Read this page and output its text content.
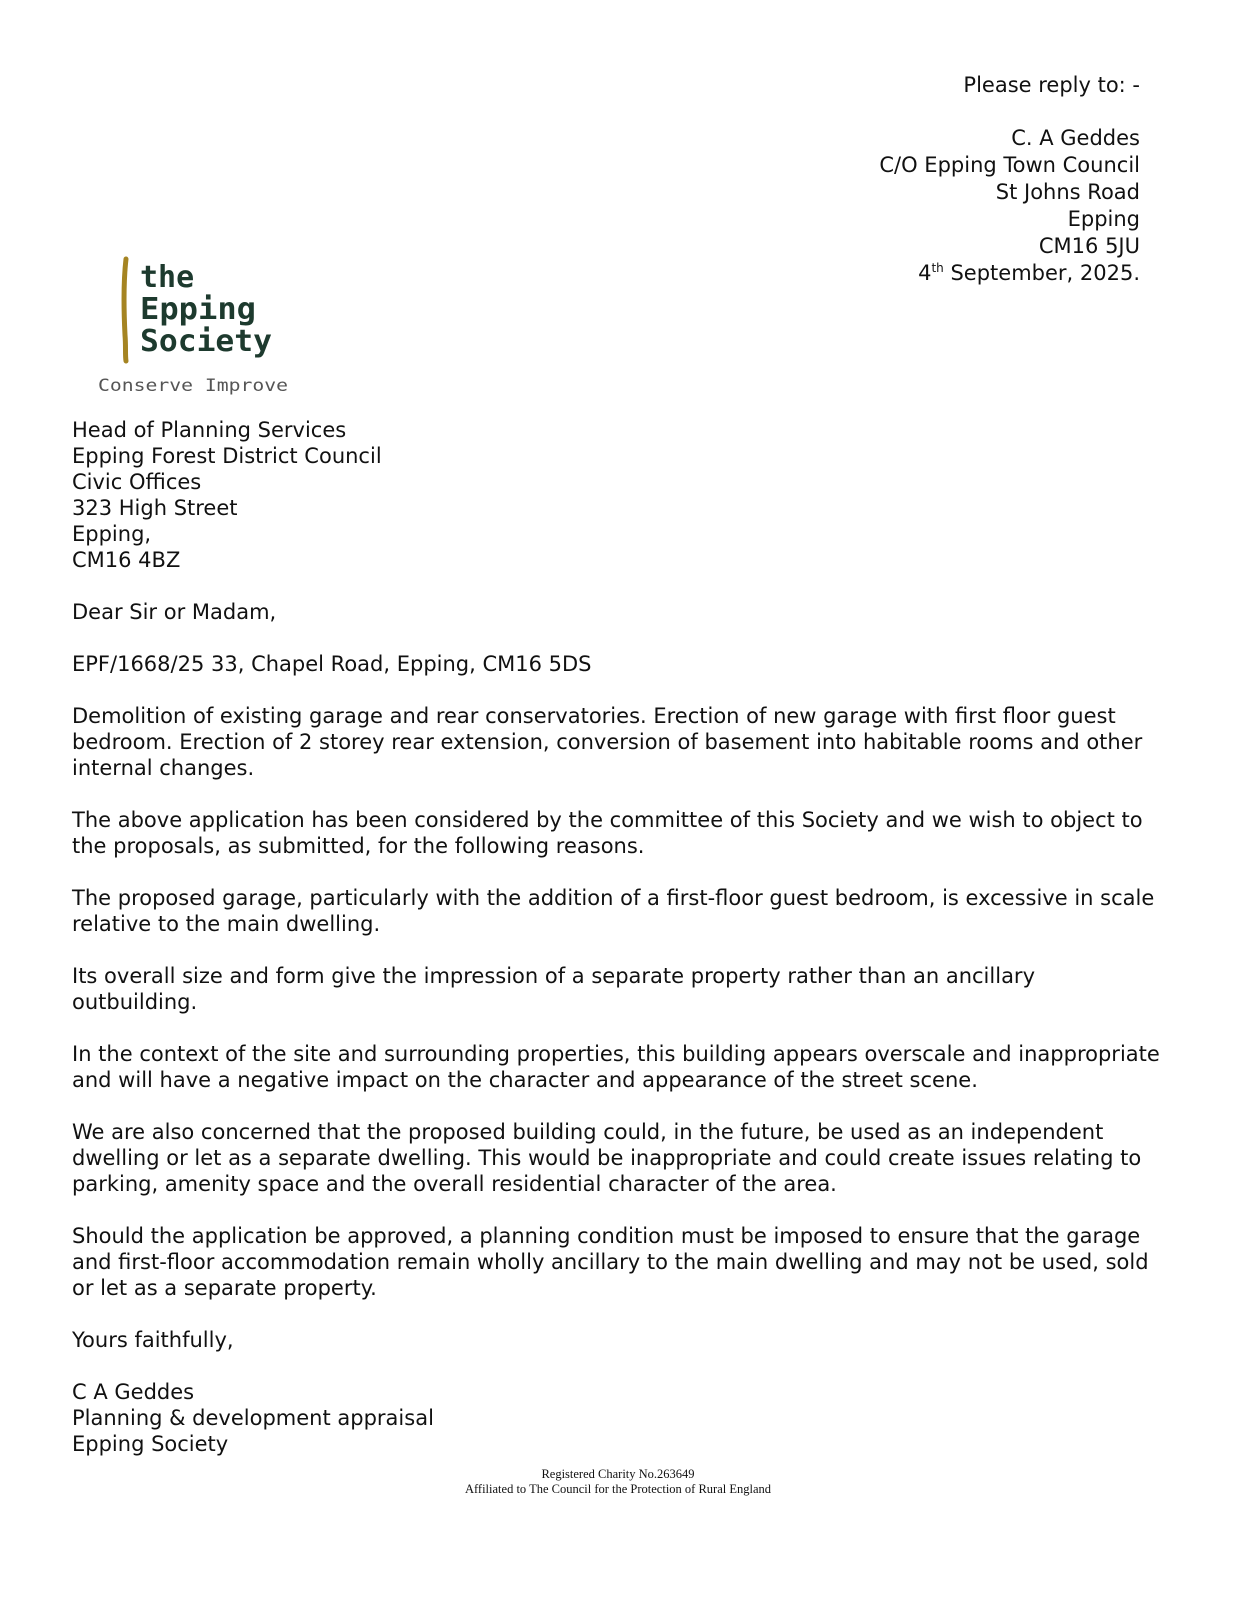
Please reply to: -
C. A Geddes
C/O Epping Town Council
St Johns Road
Epping
CM16 5JU
4th September, 2025.
the
Epping
Society
Conserve Improve

Head of Planning Services

Epping Forest District Council

Civic Offices

323 High Street

Epping,

CM16 4BZ

Dear Sir or Madam,

EPF/1668/25 33, Chapel Road, Epping, CM16 5DS

Demolition of existing garage and rear conservatories. Erection of new garage with first floor guest bedroom. Erection of 2 storey rear extension, conversion of basement into habitable rooms and other internal changes.

The above application has been considered by the committee of this Society and we wish to object to the proposals, as submitted, for the following reasons.

The proposed garage, particularly with the addition of a first-floor guest bedroom, is excessive in scale relative to the main dwelling.

Its overall size and form give the impression of a separate property rather than an ancillary outbuilding.

In the context of the site and surrounding properties, this building appears overscale and inappropriate and will have a negative impact on the character and appearance of the street scene.

We are also concerned that the proposed building could, in the future, be used as an independent dwelling or let as a separate dwelling. This would be inappropriate and could create issues relating to parking, amenity space and the overall residential character of the area.

Should the application be approved, a planning condition must be imposed to ensure that the garage and first-floor accommodation remain wholly ancillary to the main dwelling and may not be used, sold or let as a separate property.

Yours faithfully,

C A Geddes

Planning & development appraisal

Epping Society

Registered Charity No.263649
Affiliated to The Council for the Protection of Rural England
